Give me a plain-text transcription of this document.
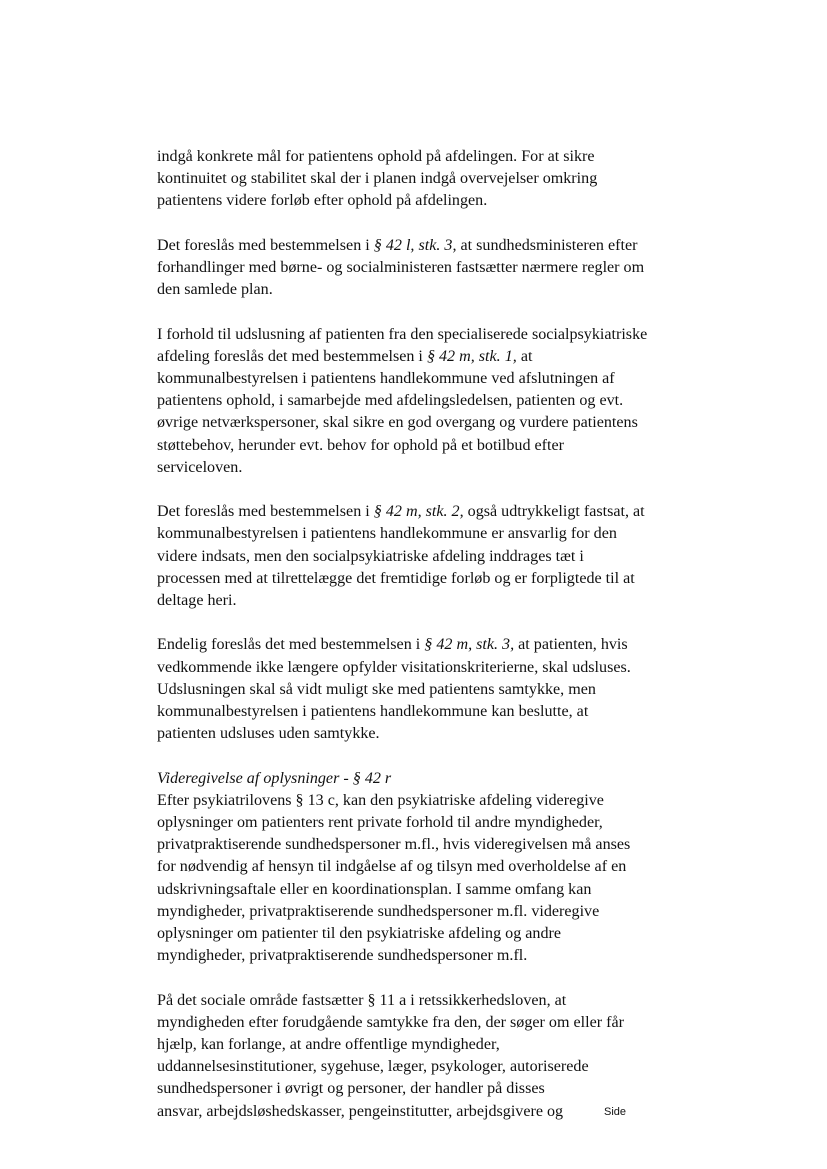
indgå konkrete mål for patientens ophold på afdelingen. For at sikre
kontinuitet og stabilitet skal der i planen indgå overvejelser omkring
patientens videre forløb efter ophold på afdelingen.

Det foreslås med bestemmelsen i § 42 l, stk. 3, at sundhedsministeren efter
forhandlinger med børne- og socialministeren fastsætter nærmere regler om
den samlede plan.

I forhold til udslusning af patienten fra den specialiserede socialpsykiatriske
afdeling foreslås det med bestemmelsen i § 42 m, stk. 1, at
kommunalbestyrelsen i patientens handlekommune ved afslutningen af
patientens ophold, i samarbejde med afdelingsledelsen, patienten og evt.
øvrige netværkspersoner, skal sikre en god overgang og vurdere patientens
støttebehov, herunder evt. behov for ophold på et botilbud efter
serviceloven.

Det foreslås med bestemmelsen i § 42 m, stk. 2, også udtrykkeligt fastsat, at
kommunalbestyrelsen i patientens handlekommune er ansvarlig for den
videre indsats, men den socialpsykiatriske afdeling inddrages tæt i
processen med at tilrettelægge det fremtidige forløb og er forpligtede til at
deltage heri.

Endelig foreslås det med bestemmelsen i § 42 m, stk. 3, at patienten, hvis
vedkommende ikke længere opfylder visitationskriterierne, skal udsluses.
Udslusningen skal så vidt muligt ske med patientens samtykke, men
kommunalbestyrelsen i patientens handlekommune kan beslutte, at
patienten udsluses uden samtykke.

Videregivelse af oplysninger - § 42 r

Efter psykiatrilovens § 13 c, kan den psykiatriske afdeling videregive
oplysninger om patienters rent private forhold til andre myndigheder,
privatpraktiserende sundhedspersoner m.fl., hvis videregivelsen må anses
for nødvendig af hensyn til indgåelse af og tilsyn med overholdelse af en
udskrivningsaftale eller en koordinationsplan. I samme omfang kan
myndigheder, privatpraktiserende sundhedspersoner m.fl. videregive
oplysninger om patienter til den psykiatriske afdeling og andre
myndigheder, privatpraktiserende sundhedspersoner m.fl.

På det sociale område fastsætter § 11 a i retssikkerhedsloven, at
myndigheden efter forudgående samtykke fra den, der søger om eller får
hjælp, kan forlange, at andre offentlige myndigheder,
uddannelsesinstitutioner, sygehuse, læger, psykologer, autoriserede
sundhedspersoner i øvrigt og personer, der handler på disses
ansvar, arbejdsløshedskasser, pengeinstitutter, arbejdsgivere og	Side
